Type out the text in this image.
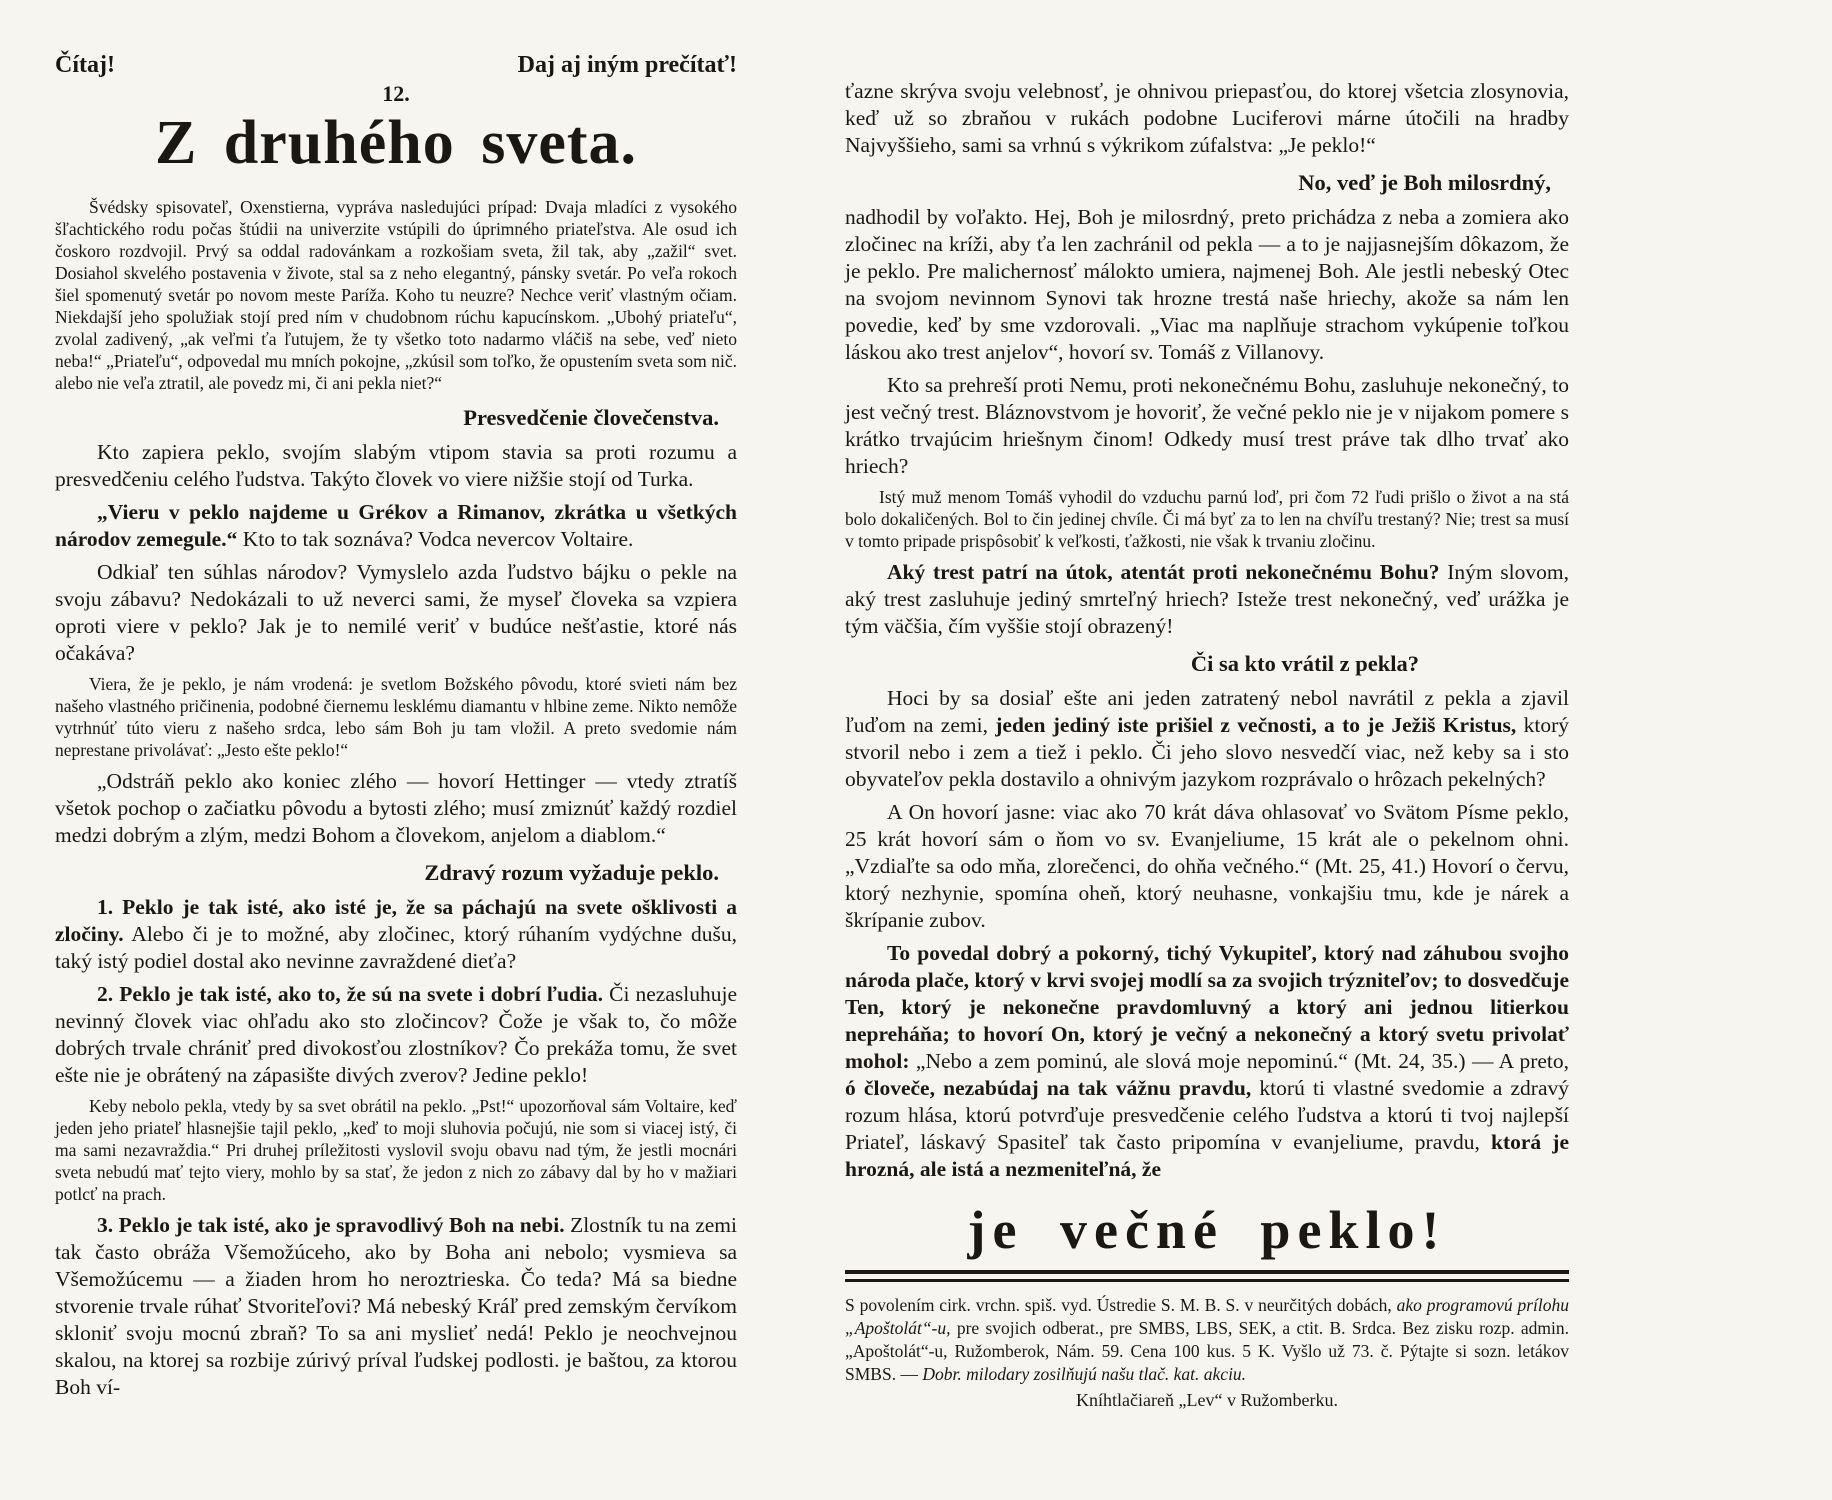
Čítaj!	Daj aj iným prečítať!
12.
Z druhého sveta.

Švédsky spisovateľ, Oxenstierna, vypráva nasledujúci prípad: Dvaja mladíci z vysokého šľachtického rodu počas štúdii na univerzite vstúpili do úprimného priateľstva. Ale osud ich čoskoro rozdvojil. Prvý sa oddal radovánkam a rozkošiam sveta, žil tak, aby „zažil“ svet. Dosiahol skvelého postavenia v živote, stal sa z neho elegantný, pánsky svetár. Po veľa rokoch šiel spomenutý svetár po novom meste Paríža. Koho tu neuzre? Nechce veriť vlastným očiam. Niekdajší jeho spolužiak stojí pred ním v chudobnom rúchu kapucínskom. „Ubohý priateľu“, zvolal zadivený, „ak veľmi ťa ľutujem, že ty všetko toto nadarmo vláčiš na sebe, veď nieto neba!“ „Priateľu“, odpovedal mu mních pokojne, „zkúsil som toľko, že opustením sveta som nič. alebo nie veľa ztratil, ale povedz mi, či ani pekla niet?“

Presvedčenie človečenstva.

Kto zapiera peklo, svojím slabým vtipom stavia sa proti rozumu a presvedčeniu celého ľudstva. Takýto človek vo viere nižšie stojí od Turka.

„Vieru v peklo najdeme u Grékov a Rimanov, zkrátka u všetkých národov zemegule.“ Kto to tak soznáva? Vodca nevercov Voltaire.

Odkiaľ ten súhlas národov? Vymyslelo azda ľudstvo bájku o pekle na svoju zábavu? Nedokázali to už neverci sami, že myseľ človeka sa vzpiera oproti viere v peklo? Jak je to nemilé veriť v budúce nešťastie, ktoré nás očakáva?

Viera, že je peklo, je nám vrodená: je svetlom Božského pôvodu, ktoré svieti nám bez našeho vlastného pričinenia, podobné čiernemu lesklému diamantu v hlbine zeme. Nikto nemôže vytrhnúť túto vieru z našeho srdca, lebo sám Boh ju tam vložil. A preto svedomie nám neprestane privolávať: „Jesto ešte peklo!“

„Odstráň peklo ako koniec zlého — hovorí Hettinger — vtedy ztratíš všetok pochop o začiatku pôvodu a bytosti zlého; musí zmiznúť každý rozdiel medzi dobrým a zlým, medzi Bohom a človekom, anjelom a diablom.“

Zdravý rozum vyžaduje peklo.

1. Peklo je tak isté, ako isté je, že sa páchajú na svete ošklivosti a zločiny. Alebo či je to možné, aby zločinec, ktorý rúhaním vydýchne dušu, taký istý podiel dostal ako nevinne zavraždené dieťa?

2. Peklo je tak isté, ako to, že sú na svete i dobrí ľudia. Či nezasluhuje nevinný človek viac ohľadu ako sto zločincov? Čože je však to, čo môže dobrých trvale chrániť pred divokosťou zlostníkov? Čo prekáža tomu, že svet ešte nie je obrátený na zápasište divých zverov? Jedine peklo!

Keby nebolo pekla, vtedy by sa svet obrátil na peklo. „Pst!“ upozorňoval sám Voltaire, keď jeden jeho priateľ hlasnejšie tajil peklo, „keď to moji sluhovia počujú, nie som si viacej istý, či ma sami nezavraždia.“ Pri druhej príležitosti vyslovil svoju obavu nad tým, že jestli mocnári sveta nebudú mať tejto viery, mohlo by sa stať, že jedon z nich zo zábavy dal by ho v mažiari potlcť na prach.

3. Peklo je tak isté, ako je spravodlivý Boh na nebi. Zlostník tu na zemi tak často obráža Všemožúceho, ako by Boha ani nebolo; vysmieva sa Všemožúcemu — a žiaden hrom ho neroztrieska. Čo teda? Má sa biedne stvorenie trvale rúhať Stvoriteľovi? Má nebeský Kráľ pred zemským červíkom skloniť svoju mocnú zbraň? To sa ani myslieť nedá! Peklo je neochvejnou skalou, na ktorej sa rozbije zúrivý príval ľudskej podlosti. je baštou, za ktorou Boh ví-

ťazne skrýva svoju velebnosť, je ohnivou priepasťou, do ktorej všetcia zlosynovia, keď už so zbraňou v rukách podobne Luciferovi márne útočili na hradby Najvyššieho, sami sa vrhnú s výkrikom zúfalstva: „Je peklo!“

No, veď je Boh milosrdný,

nadhodil by voľakto. Hej, Boh je milosrdný, preto prichádza z neba a zomiera ako zločinec na kríži, aby ťa len zachránil od pekla — a to je najjasnejším dôkazom, že je peklo. Pre malichernosť málokto umiera, najmenej Boh. Ale jestli nebeský Otec na svojom nevinnom Synovi tak hrozne trestá naše hriechy, akože sa nám len povedie, keď by sme vzdorovali. „Viac ma naplňuje strachom vykúpenie toľkou láskou ako trest anjelov“, hovorí sv. Tomáš z Villanovy.

Kto sa prehreší proti Nemu, proti nekonečnému Bohu, zasluhuje nekonečný, to jest večný trest. Bláznovstvom je hovoriť, že večné peklo nie je v nijakom pomere s krátko trvajúcim hriešnym činom! Odkedy musí trest práve tak dlho trvať ako hriech?

Istý muž menom Tomáš vyhodil do vzduchu parnú loď, pri čom 72 ľudi prišlo o život a na stá bolo dokaličených. Bol to čin jedinej chvíle. Či má byť za to len na chvíľu trestaný? Nie; trest sa musí v tomto pripade prispôsobiť k veľkosti, ťažkosti, nie však k trvaniu zločinu.

Aký trest patrí na útok, atentát proti nekonečnému Bohu? Iným slovom, aký trest zasluhuje jediný smrteľný hriech? Isteže trest nekonečný, veď urážka je tým väčšia, čím vyššie stojí obrazený!

Či sa kto vrátil z pekla?

Hoci by sa dosiaľ ešte ani jeden zatratený nebol navrátil z pekla a zjavil ľuďom na zemi, jeden jediný iste prišiel z večnosti, a to je Ježiš Kristus, ktorý stvoril nebo i zem a tiež i peklo. Či jeho slovo nesvedčí viac, než keby sa i sto obyvateľov pekla dostavilo a ohnivým jazykom rozprávalo o hrôzach pekelných?

A On hovorí jasne: viac ako 70 krát dáva ohlasovať vo Svätom Písme peklo, 25 krát hovorí sám o ňom vo sv. Evanjeliume, 15 krát ale o pekelnom ohni. „Vzdiaľte sa odo mňa, zlorečenci, do ohňa večného.“ (Mt. 25, 41.) Hovorí o červu, ktorý nezhynie, spomína oheň, ktorý neuhasne, vonkajšiu tmu, kde je nárek a škrípanie zubov.

To povedal dobrý a pokorný, tichý Vykupiteľ, ktorý nad záhubou svojho národa plače, ktorý v krvi svojej modlí sa za svojich trýzniteľov; to dosvedčuje Ten, ktorý je nekonečne pravdomluvný a ktorý ani jednou litierkou nepreháňa; to hovorí On, ktorý je večný a nekonečný a ktorý svetu privolať mohol: „Nebo a zem pominú, ale slová moje nepominú.“ (Mt. 24, 35.) — A preto, ó človeče, nezabúdaj na tak vážnu pravdu, ktorú ti vlastné svedomie a zdravý rozum hlása, ktorú potvrďuje presvedčenie celého ľudstva a ktorú ti tvoj najlepší Priateľ, láskavý Spasiteľ tak často pripomína v evanjeliume, pravdu, ktorá je hrozná, ale istá a nezmeniteľná, že

je večné peklo!

S povolením cirk. vrchn. spiš. vyd. Ústredie S. M. B. S. v neurčitých dobách, ako programovú prílohu „Apoštolát“-u, pre svojich odberat., pre SMBS, LBS, SEK, a ctit. B. Srdca. Bez zisku rozp. admin. „Apoštolát“-u, Ružomberok, Nám. 59. Cena 100 kus. 5 K. Vyšlo už 73. č. Pýtajte si sozn. letákov SMBS. — Dobr. milodary zosilňujú našu tlač. kat. akciu.

Kníhtlačiareň „Lev“ v Ružomberku.
